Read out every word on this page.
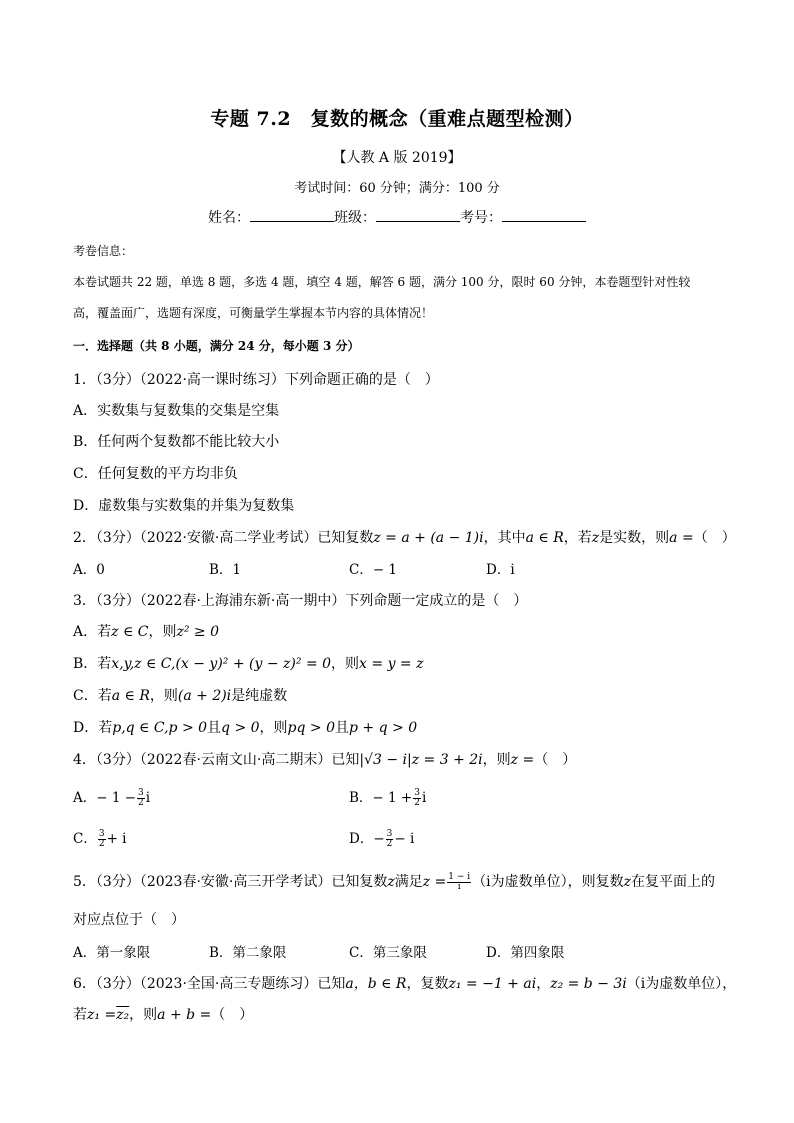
专题 7.2　复数的概念（重难点题型检测）
【人教 A 版 2019】
考试时间：60 分钟；满分：100 分
姓名：	班级：	考号：
考卷信息：
本卷试题共 22 题，单选 8 题，多选 4 题，填空 4 题，解答 6 题，满分 100 分，限时 60 分钟，本卷题型针对性较
高，覆盖面广，选题有深度，可衡量学生掌握本节内容的具体情况！
一．选择题（共 8 小题，满分 24 分，每小题 3 分）
1．（3分）（2022·高一课时练习）下列命题正确的是（　）
A．实数集与复数集的交集是空集
B．任何两个复数都不能比较大小
C．任何复数的平方均非负
D．虚数集与实数集的并集为复数集
2．（3分）（2022·安徽·高二学业考试）已知复数z = a + (a − 1)i，其中a ∈ R，若z是实数，则a =（　）
A．0	B．1	C．− 1	D．i
3．（3分）（2022春·上海浦东新·高一期中）下列命题一定成立的是（　）
A．若z ∈ C，则z² ≥ 0
B．若x,y,z ∈ C,(x − y)² + (y − z)² = 0，则x = y = z
C．若a ∈ R，则(a + 2)i是纯虚数
D．若p,q ∈ C,p > 0且q > 0，则pq > 0且p + q > 0
4．（3分）（2022春·云南文山·高二期末）已知|√3 − i|z = 3 + 2i，则z =（　）
A．− $1 - \frac{3}{2}$ i	B．− $1 + \frac{3}{2}$ i
C． $\frac{3}{2} + i$	D．− $\frac{3}{2} - i$
5．（3分）（2023春·安徽·高三开学考试）已知复数z满足$z = \frac{1 - i}{i} (i$为虚数单位），则复数z在复平面上的
对应点位于（　）
A．第一象限	B．第二象限	C．第三象限	D．第四象限
6．（3分）（2023·全国·高三专题练习）已知a，b ∈ R，复数z₁ = −1 + ai，z₂ = b − 3i（i为虚数单位），
若z₁ =z₂，则a + b =（　）
